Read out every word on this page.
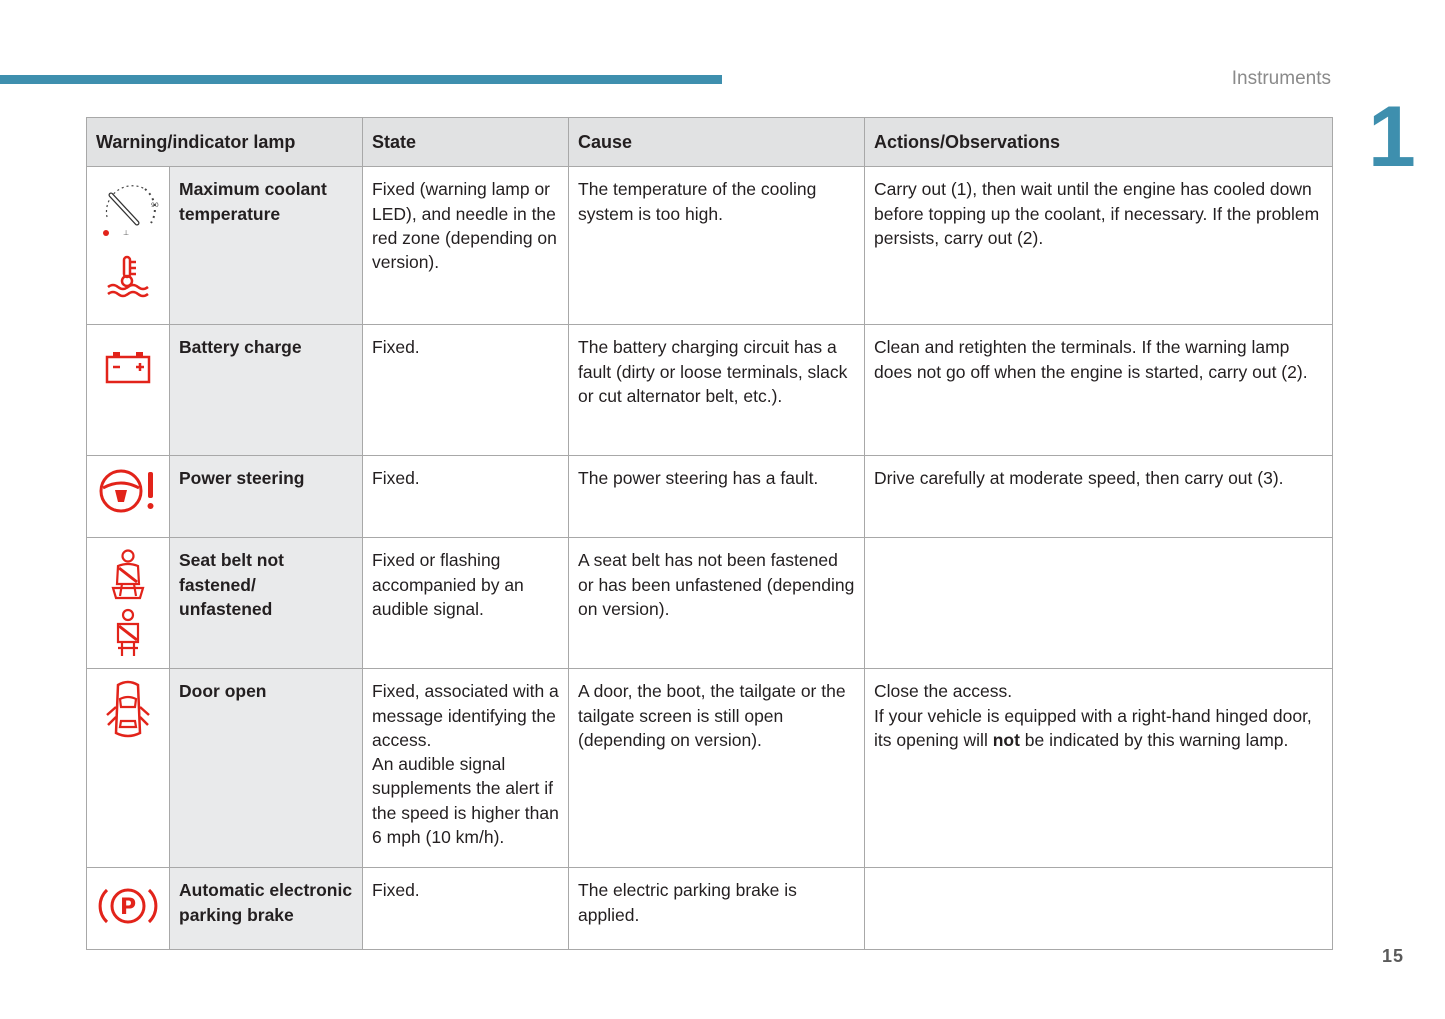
Instruments
1
Warning/indicator lamp		State	Cause	Actions/Observations

90
⊥	Maximum coolant temperature	Fixed (warning lamp or LED), and needle in the red zone (depending on version).	The temperature of the cooling system is too high.	Carry out (1), then wait until the engine has cooled down before topping up the coolant, if necessary. If the problem persists, carry out (2).

	Battery charge	Fixed.	The battery charging circuit has a fault (dirty or loose terminals, slack or cut alternator belt, etc.).	Clean and retighten the terminals. If the warning lamp does not go off when the engine is started, carry out (2).

	Power steering	Fixed.	The power steering has a fault.	Drive carefully at moderate speed, then carry out (3).

	Seat belt not fastened/ unfastened	Fixed or flashing accompanied by an audible signal.	A seat belt has not been fastened or has been unfastened (depending on version).	

	Door open	Fixed, associated with a message identifying the access.
An audible signal supplements the alert if the speed is higher than 6 mph (10 km/h).	A door, the boot, the tailgate or the tailgate screen is still open (depending on version).	Close the access.
If your vehicle is equipped with a right-hand hinged door, its opening will not be indicated by this warning lamp.

P	Automatic electronic parking brake	Fixed.	The electric parking brake is applied.	
15
